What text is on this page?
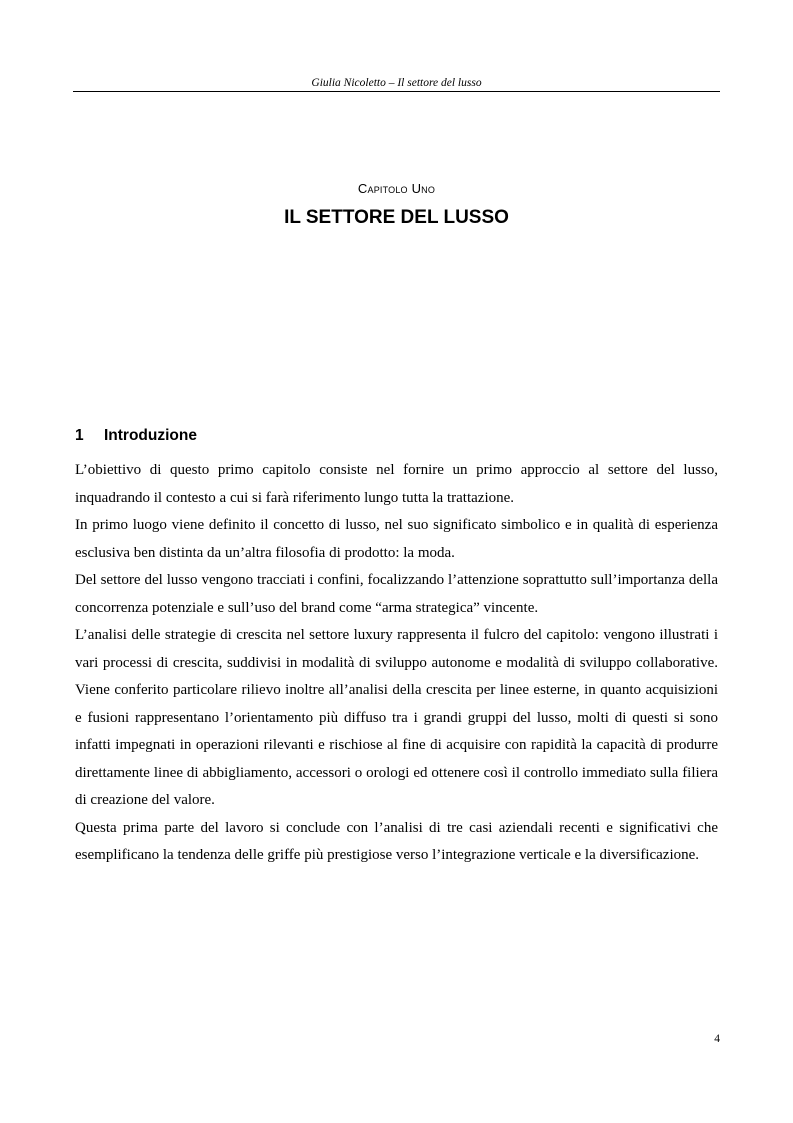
Giulia Nicoletto – Il settore del lusso
Capitolo Uno
IL SETTORE DEL LUSSO
1 Introduzione

L’obiettivo di questo primo capitolo consiste nel fornire un primo approccio al settore del lusso, inquadrando il contesto a cui si farà riferimento lungo tutta la trattazione.

In primo luogo viene definito il concetto di lusso, nel suo significato simbolico e in qualità di esperienza esclusiva ben distinta da un’altra filosofia di prodotto: la moda.

Del settore del lusso vengono tracciati i confini, focalizzando l’attenzione soprattutto sull’importanza della concorrenza potenziale e sull’uso del brand come “arma strategica” vincente.

L’analisi delle strategie di crescita nel settore luxury rappresenta il fulcro del capitolo: vengono illustrati i vari processi di crescita, suddivisi in modalità di sviluppo autonome e modalità di sviluppo collaborative. Viene conferito particolare rilievo inoltre all’analisi della crescita per linee esterne, in quanto acquisizioni e fusioni rappresentano l’orientamento più diffuso tra i grandi gruppi del lusso, molti di questi si sono infatti impegnati in operazioni rilevanti e rischiose al fine di acquisire con rapidità la capacità di produrre direttamente linee di abbigliamento, accessori o orologi ed ottenere così il controllo immediato sulla filiera di creazione del valore.

Questa prima parte del lavoro si conclude con l’analisi di tre casi aziendali recenti e significativi che esemplificano la tendenza delle griffe più prestigiose verso l’integrazione verticale e la diversificazione.

4
